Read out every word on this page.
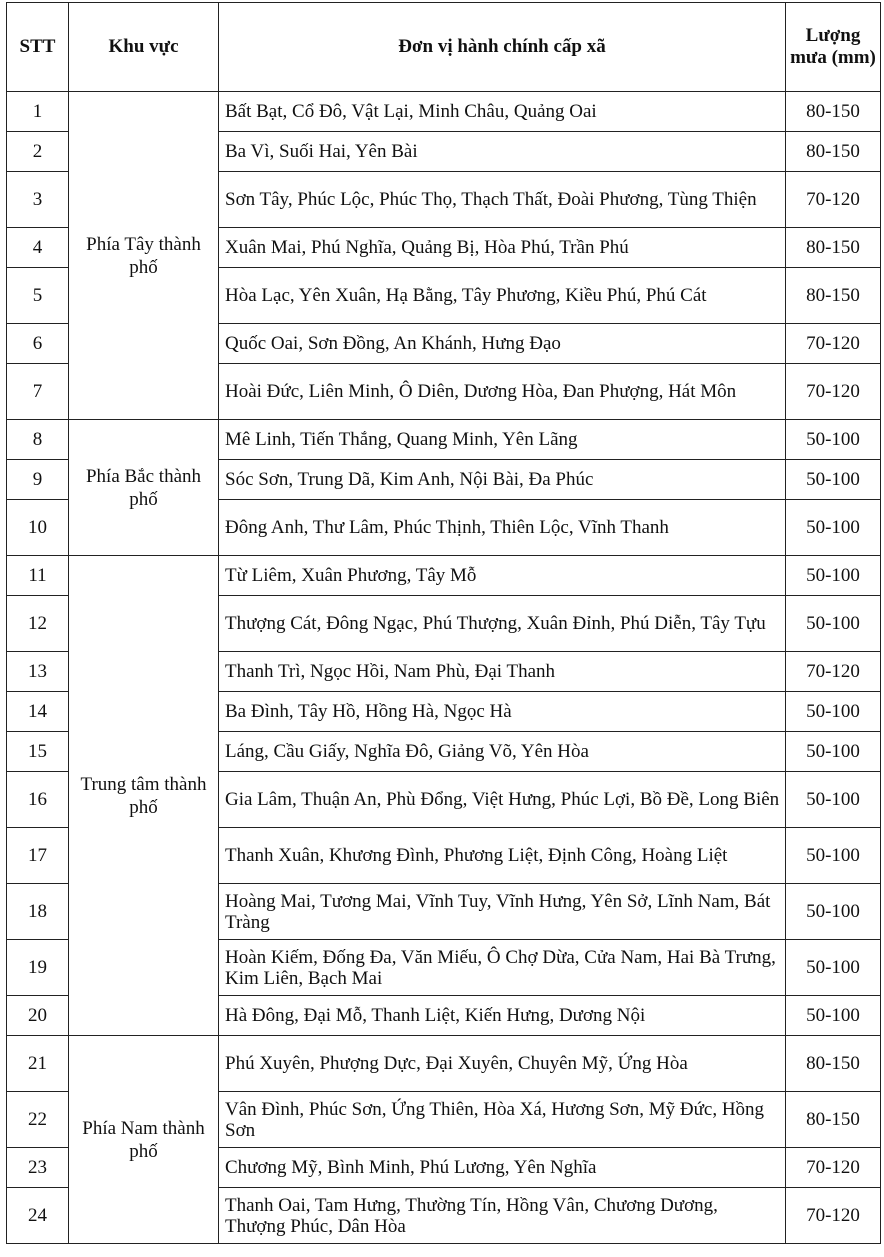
STT	Khu vực	Đơn vị hành chính cấp xã	Lượng mưa (mm)
1	Phía Tây thành phố	Bất Bạt, Cổ Đô, Vật Lại, Minh Châu, Quảng Oai	80-150
2		Ba Vì, Suối Hai, Yên Bài	80-150
3		Sơn Tây, Phúc Lộc, Phúc Thọ, Thạch Thất, Đoài Phương, Tùng Thiện	70-120
4		Xuân Mai, Phú Nghĩa, Quảng Bị, Hòa Phú, Trần Phú	80-150
5		Hòa Lạc, Yên Xuân, Hạ Bằng, Tây Phương, Kiều Phú, Phú Cát	80-150
6		Quốc Oai, Sơn Đồng, An Khánh, Hưng Đạo	70-120
7		Hoài Đức, Liên Minh, Ô Diên, Dương Hòa, Đan Phượng, Hát Môn	70-120
8	Phía Bắc thành phố	Mê Linh, Tiến Thắng, Quang Minh, Yên Lãng	50-100
9		Sóc Sơn, Trung Dã, Kim Anh, Nội Bài, Đa Phúc	50-100
10		Đông Anh, Thư Lâm, Phúc Thịnh, Thiên Lộc, Vĩnh Thanh	50-100
11	Trung tâm thành phố	Từ Liêm, Xuân Phương, Tây Mỗ	50-100
12		Thượng Cát, Đông Ngạc, Phú Thượng, Xuân Đỉnh, Phú Diễn, Tây Tựu	50-100
13		Thanh Trì, Ngọc Hồi, Nam Phù, Đại Thanh	70-120
14		Ba Đình, Tây Hồ, Hồng Hà, Ngọc Hà	50-100
15		Láng, Cầu Giấy, Nghĩa Đô, Giảng Võ, Yên Hòa	50-100
16		Gia Lâm, Thuận An, Phù Đổng, Việt Hưng, Phúc Lợi, Bồ Đề, Long Biên	50-100
17		Thanh Xuân, Khương Đình, Phương Liệt, Định Công, Hoàng Liệt	50-100
18		Hoàng Mai, Tương Mai, Vĩnh Tuy, Vĩnh Hưng, Yên Sở, Lĩnh Nam, Bát Tràng	50-100
19		Hoàn Kiếm, Đống Đa, Văn Miếu, Ô Chợ Dừa, Cửa Nam, Hai Bà Trưng, Kim Liên, Bạch Mai	50-100
20		Hà Đông, Đại Mỗ, Thanh Liệt, Kiến Hưng, Dương Nội	50-100
21	Phía Nam thành phố	Phú Xuyên, Phượng Dực, Đại Xuyên, Chuyên Mỹ, Ứng Hòa	80-150
22		Vân Đình, Phúc Sơn, Ứng Thiên, Hòa Xá, Hương Sơn, Mỹ Đức, Hồng Sơn	80-150
23		Chương Mỹ, Bình Minh, Phú Lương, Yên Nghĩa	70-120
24		Thanh Oai, Tam Hưng, Thường Tín, Hồng Vân, Chương Dương, Thượng Phúc, Dân Hòa	70-120
